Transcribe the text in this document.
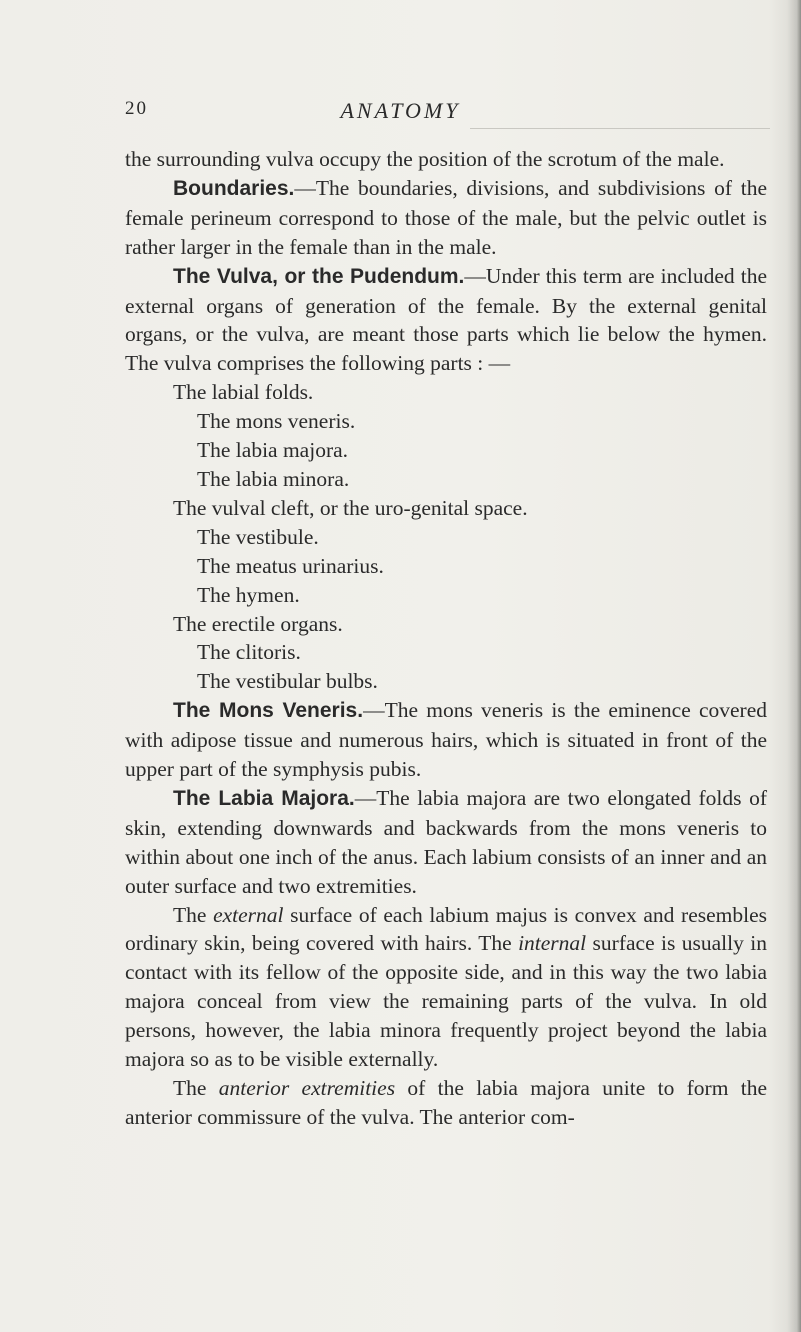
20	ANATOMY

the surrounding vulva occupy the position of the scrotum of the male.

Boundaries.—The boundaries, divisions, and subdivisions of the female perineum correspond to those of the male, but the pelvic outlet is rather larger in the female than in the male.

The Vulva, or the Pudendum.—Under this term are included the external organs of generation of the female. By the external genital organs, or the vulva, are meant those parts which lie below the hymen. The vulva comprises the following parts : —

The labial folds.
The mons veneris.
The labia majora.
The labia minora.
The vulval cleft, or the uro-genital space.
The vestibule.
The meatus urinarius.
The hymen.
The erectile organs.
The clitoris.
The vestibular bulbs.

The Mons Veneris.—The mons veneris is the eminence covered with adipose tissue and numerous hairs, which is situated in front of the upper part of the symphysis pubis.

The Labia Majora.—The labia majora are two elongated folds of skin, extending downwards and backwards from the mons veneris to within about one inch of the anus. Each labium consists of an inner and an outer surface and two extremities.

The external surface of each labium majus is convex and resembles ordinary skin, being covered with hairs. The internal surface is usually in contact with its fellow of the opposite side, and in this way the two labia majora conceal from view the remaining parts of the vulva. In old persons, however, the labia minora frequently project beyond the labia majora so as to be visible externally.

The anterior extremities of the labia majora unite to form the anterior commissure of the vulva. The anterior com-
